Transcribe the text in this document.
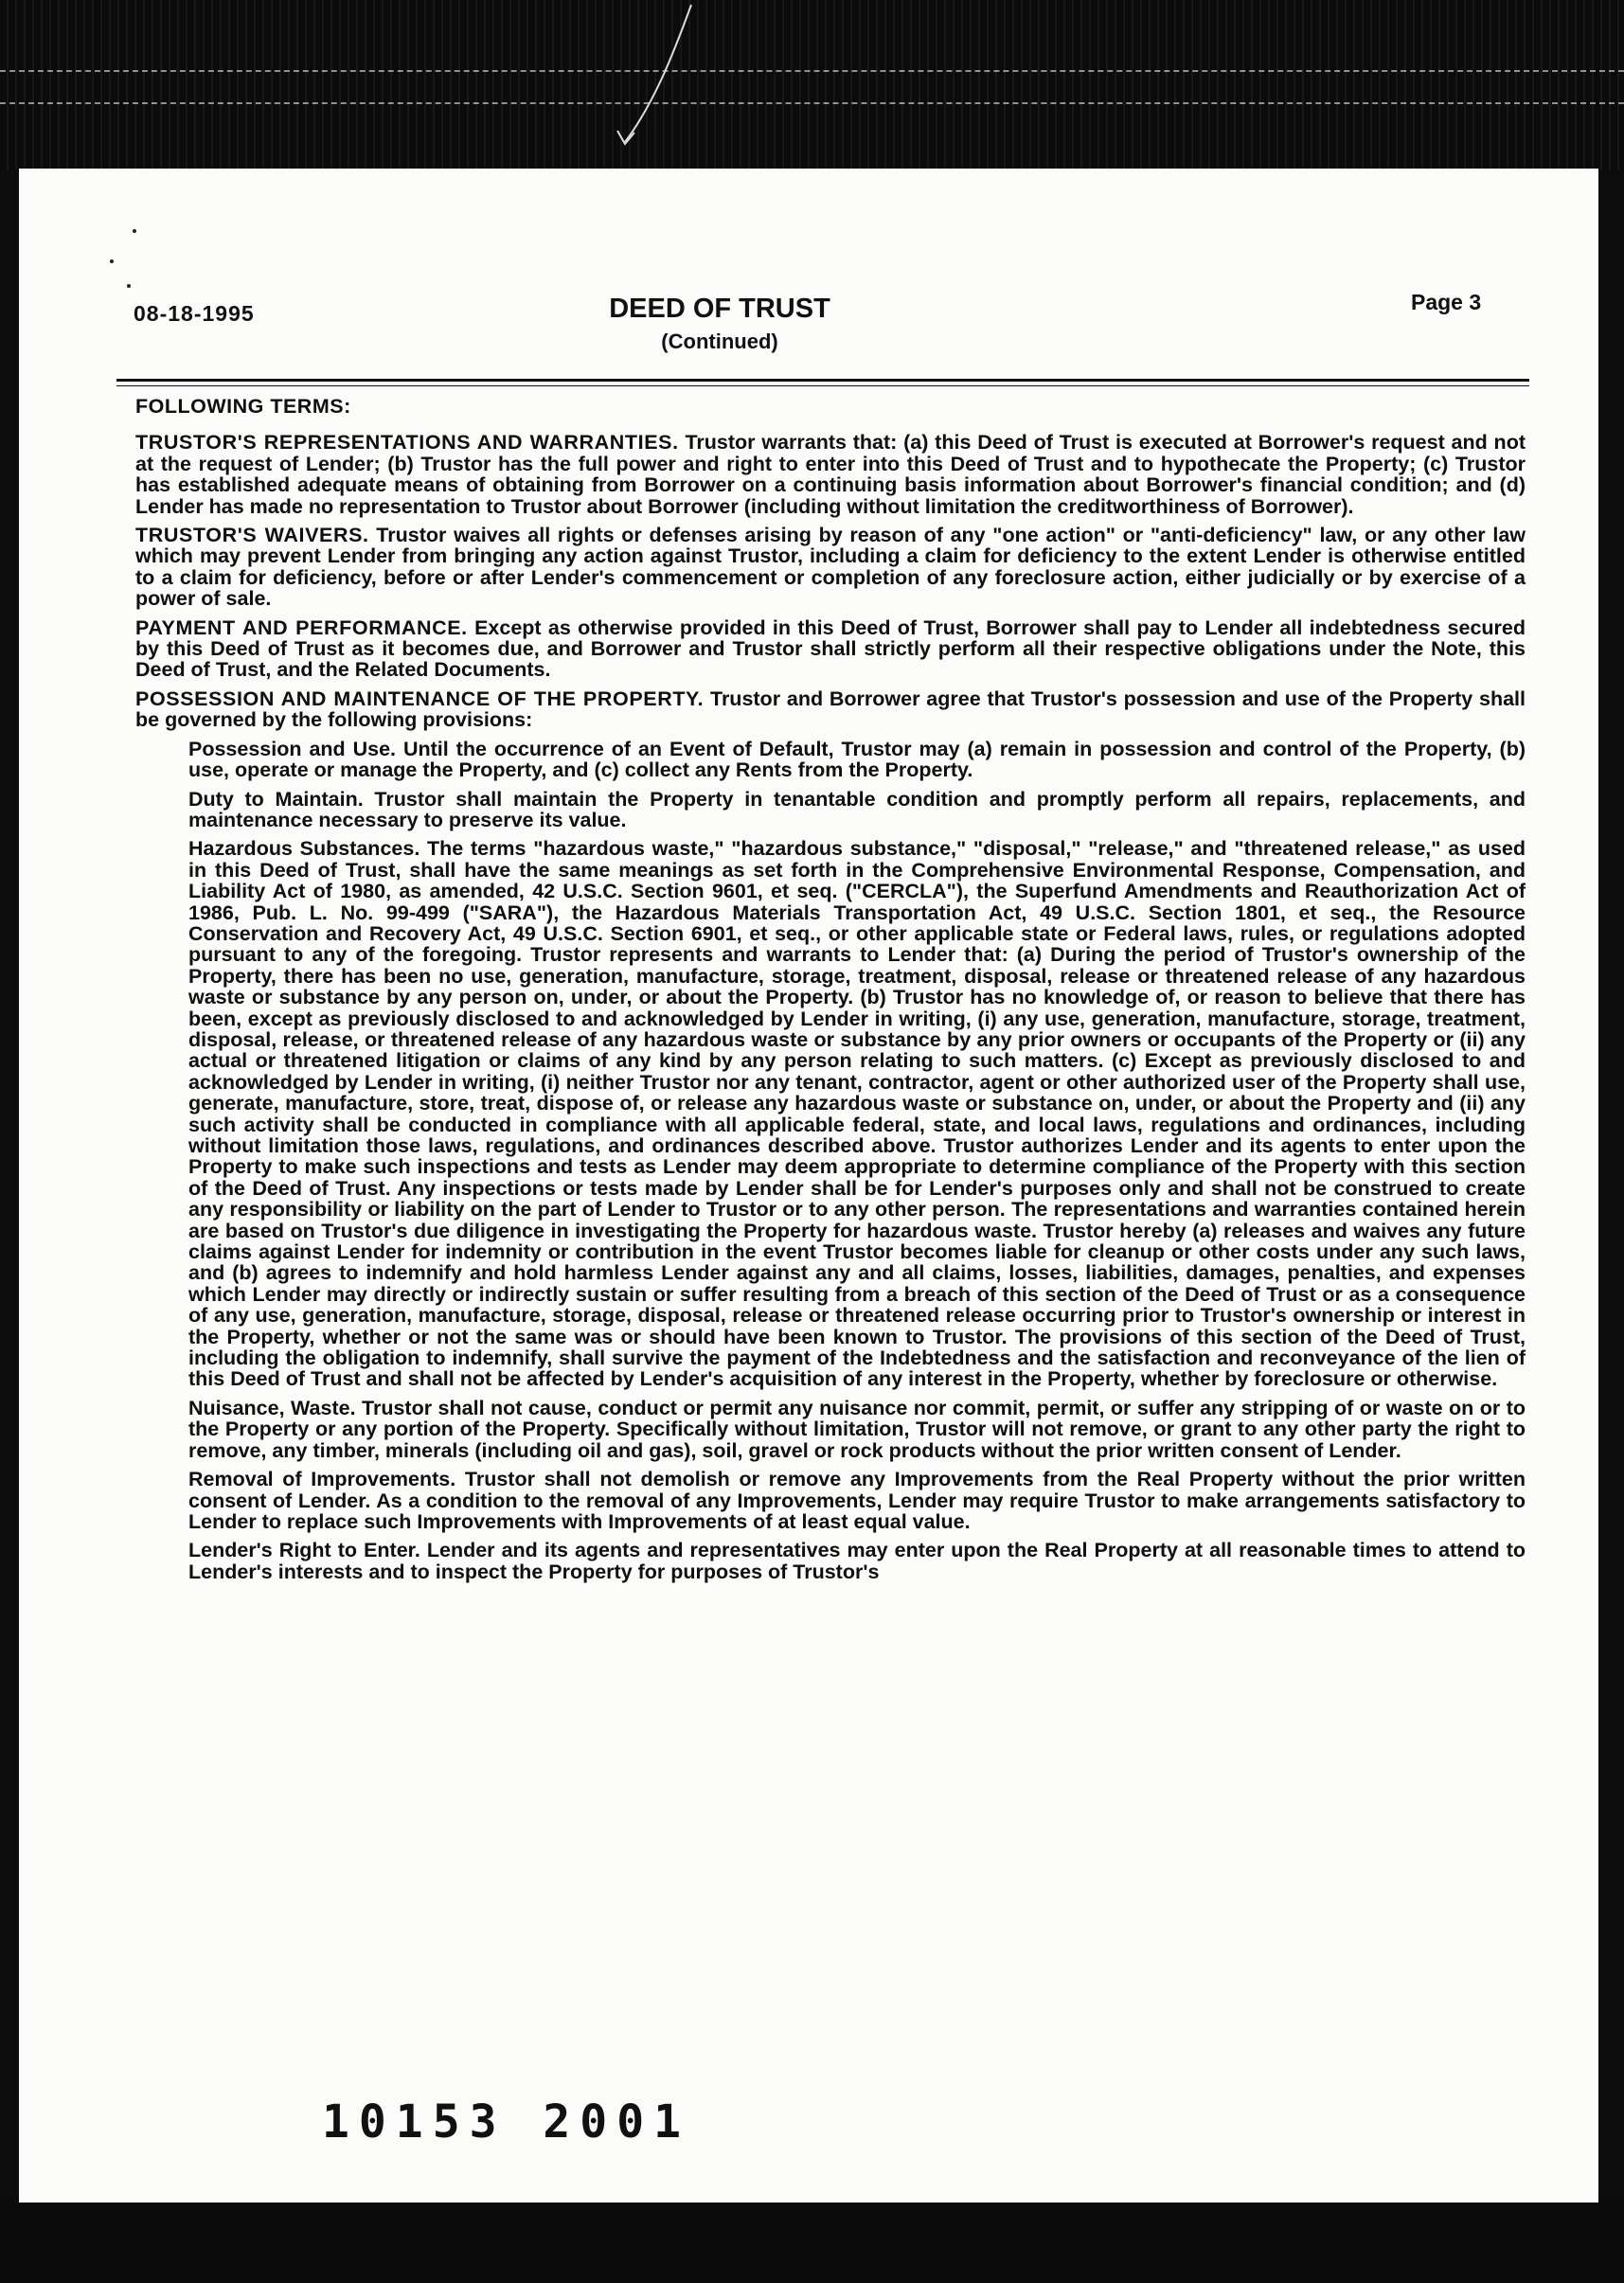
08-18-1995	DEED OF TRUST
(Continued)
Page 3

FOLLOWING TERMS:

TRUSTOR'S REPRESENTATIONS AND WARRANTIES. Trustor warrants that: (a) this Deed of Trust is executed at Borrower's request and not at the request of Lender; (b) Trustor has the full power and right to enter into this Deed of Trust and to hypothecate the Property; (c) Trustor has established adequate means of obtaining from Borrower on a continuing basis information about Borrower's financial condition; and (d) Lender has made no representation to Trustor about Borrower (including without limitation the creditworthiness of Borrower).

TRUSTOR'S WAIVERS. Trustor waives all rights or defenses arising by reason of any "one action" or "anti-deficiency" law, or any other law which may prevent Lender from bringing any action against Trustor, including a claim for deficiency to the extent Lender is otherwise entitled to a claim for deficiency, before or after Lender's commencement or completion of any foreclosure action, either judicially or by exercise of a power of sale.

PAYMENT AND PERFORMANCE. Except as otherwise provided in this Deed of Trust, Borrower shall pay to Lender all indebtedness secured by this Deed of Trust as it becomes due, and Borrower and Trustor shall strictly perform all their respective obligations under the Note, this Deed of Trust, and the Related Documents.

POSSESSION AND MAINTENANCE OF THE PROPERTY. Trustor and Borrower agree that Trustor's possession and use of the Property shall be governed by the following provisions:

Possession and Use. Until the occurrence of an Event of Default, Trustor may (a) remain in possession and control of the Property, (b) use, operate or manage the Property, and (c) collect any Rents from the Property.

Duty to Maintain. Trustor shall maintain the Property in tenantable condition and promptly perform all repairs, replacements, and maintenance necessary to preserve its value.

Hazardous Substances. The terms "hazardous waste," "hazardous substance," "disposal," "release," and "threatened release," as used in this Deed of Trust, shall have the same meanings as set forth in the Comprehensive Environmental Response, Compensation, and Liability Act of 1980, as amended, 42 U.S.C. Section 9601, et seq. ("CERCLA"), the Superfund Amendments and Reauthorization Act of 1986, Pub. L. No. 99-499 ("SARA"), the Hazardous Materials Transportation Act, 49 U.S.C. Section 1801, et seq., the Resource Conservation and Recovery Act, 49 U.S.C. Section 6901, et seq., or other applicable state or Federal laws, rules, or regulations adopted pursuant to any of the foregoing. Trustor represents and warrants to Lender that: (a) During the period of Trustor's ownership of the Property, there has been no use, generation, manufacture, storage, treatment, disposal, release or threatened release of any hazardous waste or substance by any person on, under, or about the Property. (b) Trustor has no knowledge of, or reason to believe that there has been, except as previously disclosed to and acknowledged by Lender in writing, (i) any use, generation, manufacture, storage, treatment, disposal, release, or threatened release of any hazardous waste or substance by any prior owners or occupants of the Property or (ii) any actual or threatened litigation or claims of any kind by any person relating to such matters. (c) Except as previously disclosed to and acknowledged by Lender in writing, (i) neither Trustor nor any tenant, contractor, agent or other authorized user of the Property shall use, generate, manufacture, store, treat, dispose of, or release any hazardous waste or substance on, under, or about the Property and (ii) any such activity shall be conducted in compliance with all applicable federal, state, and local laws, regulations and ordinances, including without limitation those laws, regulations, and ordinances described above. Trustor authorizes Lender and its agents to enter upon the Property to make such inspections and tests as Lender may deem appropriate to determine compliance of the Property with this section of the Deed of Trust. Any inspections or tests made by Lender shall be for Lender's purposes only and shall not be construed to create any responsibility or liability on the part of Lender to Trustor or to any other person. The representations and warranties contained herein are based on Trustor's due diligence in investigating the Property for hazardous waste. Trustor hereby (a) releases and waives any future claims against Lender for indemnity or contribution in the event Trustor becomes liable for cleanup or other costs under any such laws, and (b) agrees to indemnify and hold harmless Lender against any and all claims, losses, liabilities, damages, penalties, and expenses which Lender may directly or indirectly sustain or suffer resulting from a breach of this section of the Deed of Trust or as a consequence of any use, generation, manufacture, storage, disposal, release or threatened release occurring prior to Trustor's ownership or interest in the Property, whether or not the same was or should have been known to Trustor. The provisions of this section of the Deed of Trust, including the obligation to indemnify, shall survive the payment of the Indebtedness and the satisfaction and reconveyance of the lien of this Deed of Trust and shall not be affected by Lender's acquisition of any interest in the Property, whether by foreclosure or otherwise.

Nuisance, Waste. Trustor shall not cause, conduct or permit any nuisance nor commit, permit, or suffer any stripping of or waste on or to the Property or any portion of the Property. Specifically without limitation, Trustor will not remove, or grant to any other party the right to remove, any timber, minerals (including oil and gas), soil, gravel or rock products without the prior written consent of Lender.

Removal of Improvements. Trustor shall not demolish or remove any Improvements from the Real Property without the prior written consent of Lender. As a condition to the removal of any Improvements, Lender may require Trustor to make arrangements satisfactory to Lender to replace such Improvements with Improvements of at least equal value.

Lender's Right to Enter. Lender and its agents and representatives may enter upon the Real Property at all reasonable times to attend to Lender's interests and to inspect the Property for purposes of Trustor's

10153 2001
